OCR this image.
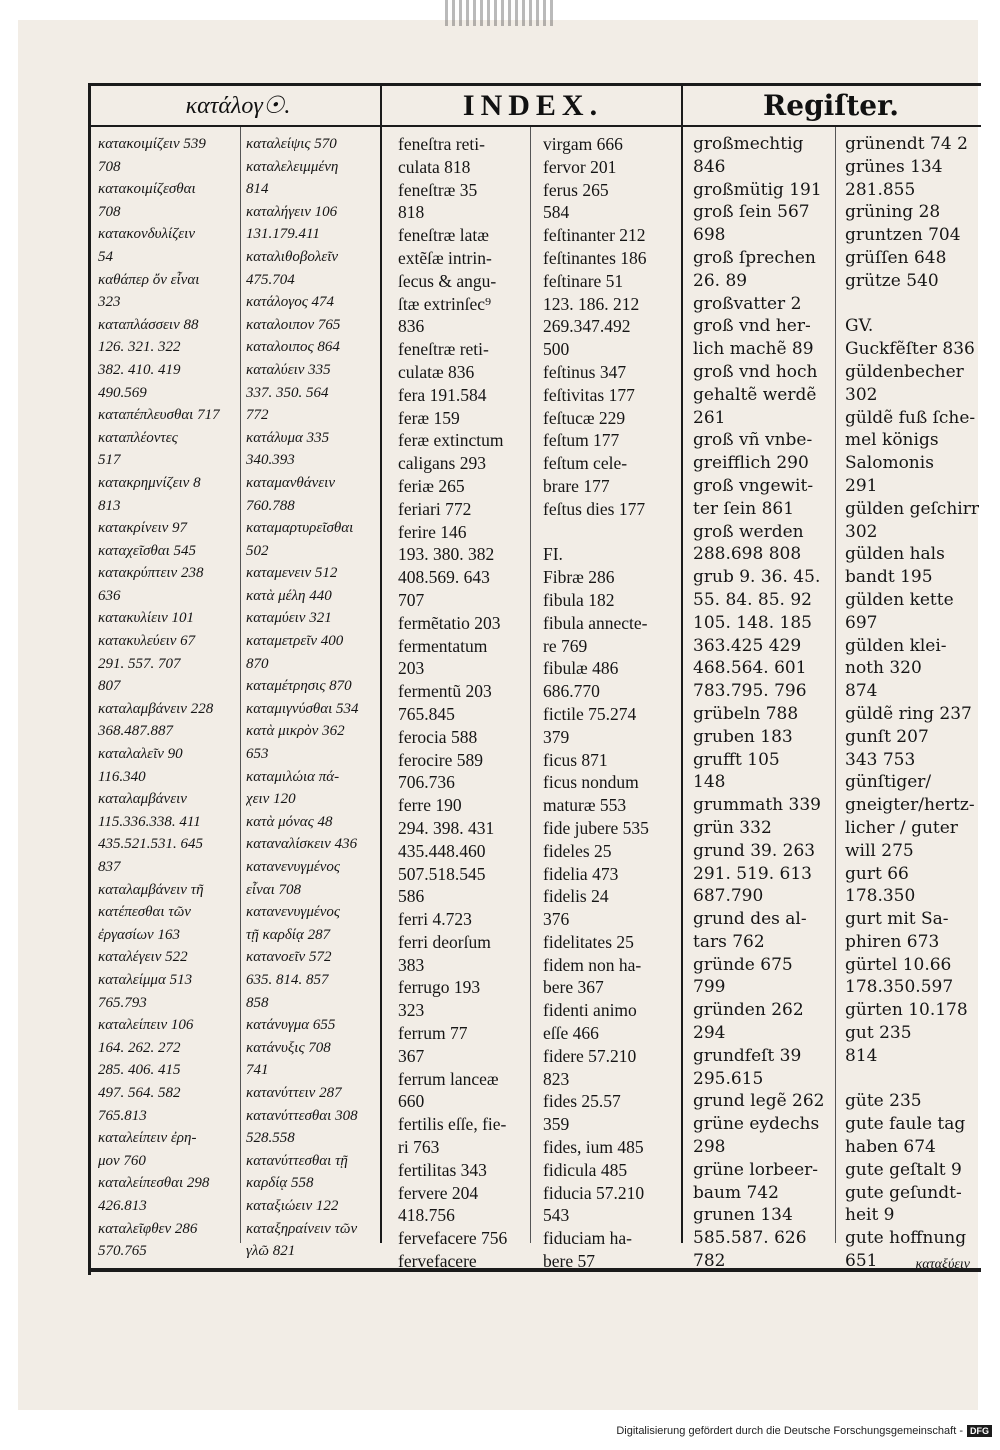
κατάλογ☉.	INDEX.	Regiſter.
κατακοιμίζειν 539
708
κατακοιμίζεσθαι
708
κατακονδυλίζειν
54
καθάπερ ὄν εἶναι
323
καταπλάσσειν 88
126. 321. 322
382. 410. 419
490.569
καταπέπλευσθαι 717
καταπλέοντες
517
κατακρημνίζειν 8
813
κατακρίνειν 97
καταχεῖσθαι 545
κατακρύπτειν 238
636
κατακυλίειν 101
κατακυλεύειν 67
291. 557. 707
807
καταλαμβάνειν 228
368.487.887
καταλαλεῖν 90
116.340
καταλαμβάνειν
115.336.338. 411
435.521.531. 645
837
καταλαμβάνειν τῆ
κατέπεσθαι τῶν
ἐργασίων 163
καταλέγειν 522
καταλείμμα 513
765.793
καταλείπειν 106
164. 262. 272
285. 406. 415
497. 564. 582
765.813
καταλείπειν ἐρη-
μον 760
καταλείπεσθαι 298
426.813
καταλεῖφθεν 286
570.765
καταλείψις 570
καταλελειμμένη
814
καταλήγειν 106
131.179.411
καταλιθοβολεῖν
475.704
κατάλογος 474
καταλοιπον 765
καταλοιπος 864
καταλύειν 335
337. 350. 564
772
κατάλυμα 335
340.393
καταμανθάνειν
760.788
καταμαρτυρεῖσθαι
502
καταμενειν 512
κατὰ μέλη 440
καταμύειν 321
καταμετρεῖν 400
870
καταμέτρησις 870
καταμιγνύσθαι 534
κατὰ μικρὸν 362
653
καταμιλώια πά-
χειν 120
κατὰ μόνας 48
καταναλίσκειν 436
κατανενυγμένος
εἶναι 708
κατανενυγμένος
τῇ καρδίᾳ 287
κατανοεῖν 572
635. 814. 857
858
κατάνυγμα 655
κατάνυξις 708
741
κατανύττειν 287
κατανύττεσθαι 308
528.558
κατανύττεσθαι τῇ
καρδίᾳ 558
καταξιώειν 122
καταξηραίνειν τῶν
γλῶ 821
feneſtra reti-
culata 818
feneſtræ 35
818
feneſtræ latæ
extẽſæ intrin-
ſecus & angu-
ſtæ extrinſec⁹
836
feneſtræ reti-
culatæ 836
fera 191.584
feræ 159
feræ extinctum
caligans 293
feriæ 265
feriari 772
ferire 146
193. 380. 382
408.569. 643
707
fermẽtatio 203
fermentatum
203
fermentũ 203
765.845
ferocia 588
ferocire 589
706.736
ferre 190
294. 398. 431
435.448.460
507.518.545
586
ferri 4.723
ferri deorſum
383
ferrugo 193
323
ferrum 77
367
ferrum lanceæ
660
fertilis eſſe, fie-
ri 763
fertilitas 343
fervere 204
418.756
fervefacere 756
fervefacere
virgam 666
fervor 201
ferus 265
584
feſtinanter 212
feſtinantes 186
feſtinare 51
123. 186. 212
269.347.492
500
feſtinus 347
feſtivitas 177
feſtucæ 229
feſtum 177
feſtum cele-
brare 177
feſtus dies 177
FI.
Fibræ 286
fibula 182
fibula annecte-
re 769
fibulæ 486
686.770
fictile 75.274
379
ficus 871
ficus nondum
maturæ 553
fide jubere 535
fideles 25
fidelia 473
fidelis 24
376
fidelitates 25
fidem non ha-
bere 367
fidenti animo
eſſe 466
fidere 57.210
823
fides 25.57
359
fides, ium 485
fidicula 485
fiducia 57.210
543
fiduciam ha-
bere 57
großmechtig
846
großmütig 191
groß ſein 567
698
groß ſprechen
26. 89
großvatter 2
groß vnd her-
lich machẽ 89
groß vnd hoch
gehaltẽ werdẽ
261
groß vñ vnbe-
greifflich 290
groß vngewit-
ter ſein 861
groß werden
288.698 808
grub 9. 36. 45.
55. 84. 85. 92
105. 148. 185
363.425 429
468.564. 601
783.795. 796
grübeln 788
gruben 183
grufft 105
148
grummath 339
grün 332
grund 39. 263
291. 519. 613
687.790
grund des al-
tars 762
gründe 675
799
gründen 262
294
grundfeſt 39
295.615
grund legẽ 262
grüne eydechs
298
grüne lorbeer-
baum 742
grunen 134
585.587. 626
782
grünendt 74 2
grünes 134
281.855
grüning 28
gruntzen 704
grüſſen 648
grütze 540
GV.
Guckfẽſter 836
güldenbecher
302
güldẽ fuß ſche-
mel königs
Salomonis
291
gülden geſchirr
302
gülden hals
bandt 195
gülden kette
697
gülden klei-
noth 320
874
güldẽ ring 237
gunſt 207
343 753
günſtiger/
gneigter/hertz-
licher / guter
will 275
gurt 66
178.350
gurt mit Sa-
phiren 673
gürtel 10.66
178.350.597
gürten 10.178
gut 235
814
güte 235
gute faule tag
haben 674
gute geſtalt 9
gute geſundt-
heit 9
gute hoffnung
651	καταξύειν
Digitalisierung gefördert durch die Deutsche Forschungsgemeinschaft - DFG
